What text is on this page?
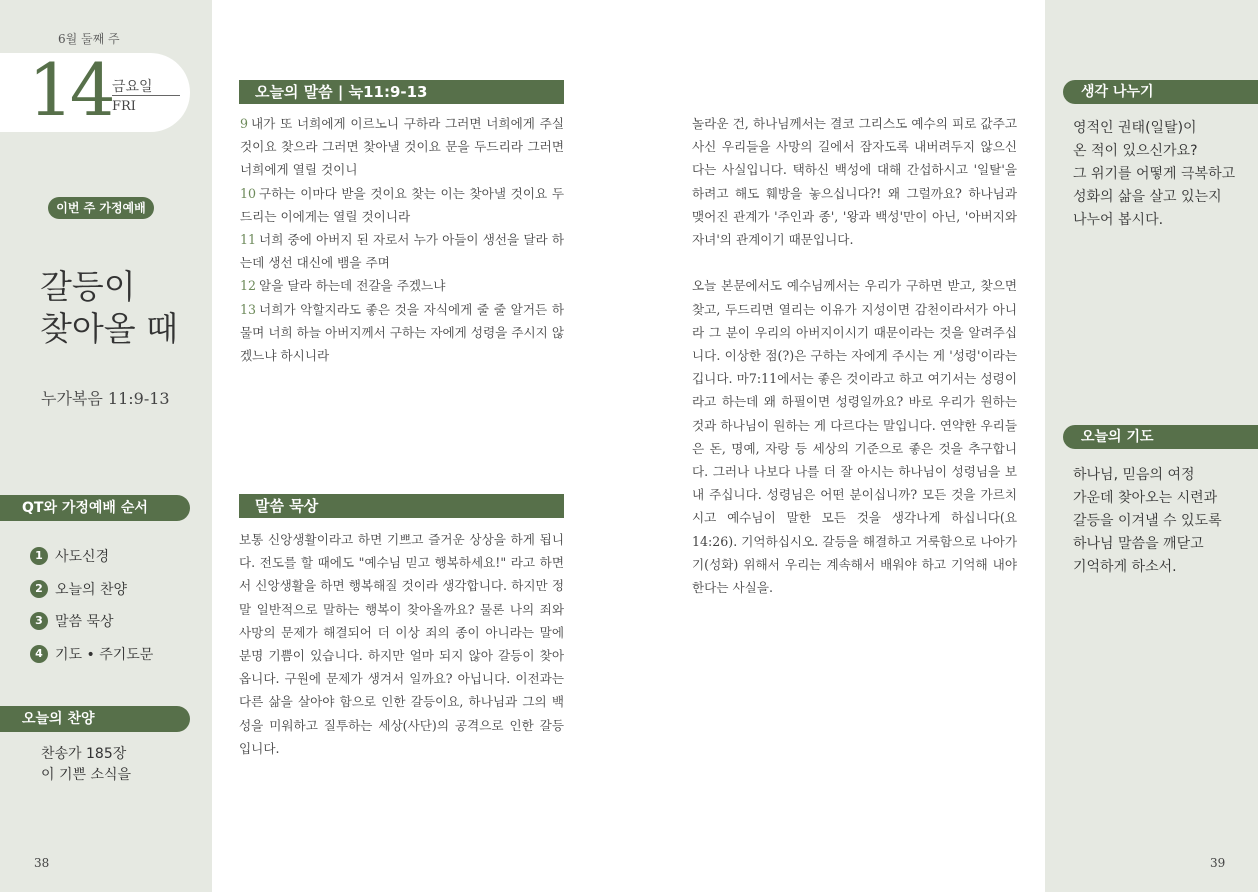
6월 둘째 주
14 금요일
FRI
이번 주 가정예배
갈등이
찾아올 때
누가복음 11:9-13
QT와 가정예배 순서
1 사도신경
2 오늘의 찬양
3 말씀 묵상
4 기도 • 주기도문
오늘의 찬양
찬송가 185장
이 기쁜 소식을
38
오늘의 말씀 | 눅11:9-13
9 내가 또 너희에게 이르노니 구하라 그러면 너희에게 주실 것이요 찾으라 그러면 찾아낼 것이요 문을 두드리라 그러면 너희에게 열릴 것이니
10 구하는 이마다 받을 것이요 찾는 이는 찾아낼 것이요 두드리는 이에게는 열릴 것이니라
11 너희 중에 아버지 된 자로서 누가 아들이 생선을 달라 하는데 생선 대신에 뱀을 주며
12 알을 달라 하는데 전갈을 주겠느냐
13 너희가 악할지라도 좋은 것을 자식에게 줄 줄 알거든 하물며 너희 하늘 아버지께서 구하는 자에게 성령을 주시지 않겠느냐 하시니라
말씀 묵상
보통 신앙생활이라고 하면 기쁘고 즐거운 상상을 하게 됩니다. 전도를 할 때에도 "예수님 믿고 행복하세요!" 라고 하면서 신앙생활을 하면 행복해질 것이라 생각합니다. 하지만 정말 일반적으로 말하는 행복이 찾아올까요? 물론 나의 죄와 사망의 문제가 해결되어 더 이상 죄의 종이 아니라는 말에 분명 기쁨이 있습니다. 하지만 얼마 되지 않아 갈등이 찾아 옵니다. 구원에 문제가 생겨서 일까요? 아닙니다. 이전과는 다른 삶을 살아야 함으로 인한 갈등이요, 하나님과 그의 백성을 미워하고 질투하는 세상(사단)의 공격으로 인한 갈등입니다.

놀라운 건, 하나님께서는 결코 그리스도 예수의 피로 값주고 사신 우리들을 사망의 길에서 잠자도록 내버려두지 않으신다는 사실입니다. 택하신 백성에 대해 간섭하시고 '일탈'을 하려고 해도 훼방을 놓으십니다?! 왜 그럴까요? 하나님과 맺어진 관계가 '주인과 종', '왕과 백성'만이 아닌, '아버지와 자녀'의 관계이기 때문입니다.

오늘 본문에서도 예수님께서는 우리가 구하면 받고, 찾으면 찾고, 두드리면 열리는 이유가 지성이면 감천이라서가 아니라 그 분이 우리의 아버지이시기 때문이라는 것을 알려주십니다. 이상한 점(?)은 구하는 자에게 주시는 게 '성령'이라는 깁니다. 마7:11에서는 좋은 것이라고 하고 여기서는 성령이라고 하는데 왜 하필이면 성령일까요? 바로 우리가 원하는 것과 하나님이 원하는 게 다르다는 말입니다. 연약한 우리들은 돈, 명예, 자랑 등 세상의 기준으로 좋은 것을 추구합니다. 그러나 나보다 나를 더 잘 아시는 하나님이 성령님을 보내 주십니다. 성령님은 어떤 분이십니까? 모든 것을 가르치시고 예수님이 말한 모든 것을 생각나게 하십니다(요14:26). 기억하십시오. 갈등을 해결하고 거룩함으로 나아가기(성화) 위해서 우리는 계속해서 배워야 하고 기억해 내야 한다는 사실을.

생각 나누기
영적인 권태(일탈)이
온 적이 있으신가요?
그 위기를 어떻게 극복하고
성화의 삶을 살고 있는지
나누어 봅시다.
오늘의 기도
하나님, 믿음의 여정
가운데 찾아오는 시련과
갈등을 이겨낼 수 있도록
하나님 말씀을 깨닫고
기억하게 하소서.
39
